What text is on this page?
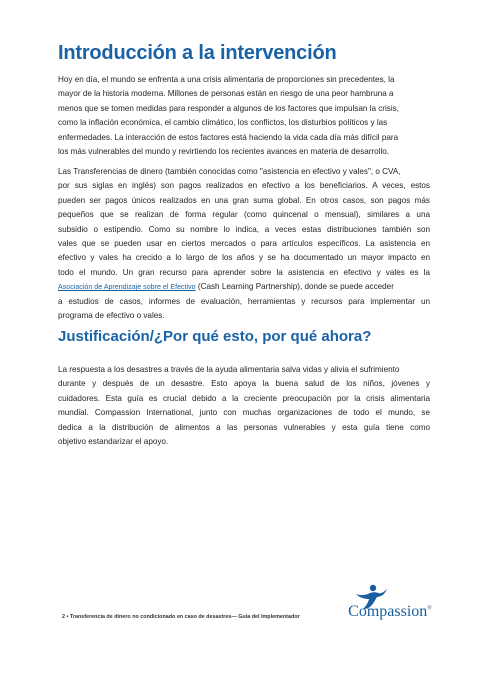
Introducción a la intervención

Hoy en día, el mundo se enfrenta a una crisis alimentaria de proporciones sin precedentes, la
mayor de la historia moderna. Millones de personas están en riesgo de una peor hambruna a
menos que se tomen medidas para responder a algunos de los factores que impulsan la crisis,
como la inflación económica, el cambio climático, los conflictos, los disturbios políticos y las
enfermedades. La interacción de estos factores está haciendo la vida cada día más difícil para
los más vulnerables del mundo y revirtiendo los recientes avances en materia de desarrollo.

Las Transferencias de dinero (también conocidas como "asistencia en efectivo y vales", o CVA,
por sus siglas en inglés) son pagos realizados en efectivo a los beneficiarios. A veces, estos
pueden ser pagos únicos realizados en una gran suma global. En otros casos, son pagos más
pequeños que se realizan de forma regular (como quincenal o mensual), similares a una
subsidio o estipendio. Como su nombre lo indica, a veces estas distribuciones también son
vales que se pueden usar en ciertos mercados o para artículos específicos. La asistencia en
efectivo y vales ha crecido a lo largo de los años y se ha documentado un mayor impacto en
todo el mundo. Un gran recurso para aprender sobre la asistencia en efectivo y vales es la
Asociación de Aprendizaje sobre el Efectivo (Cash Learning Partnership), donde se puede acceder
a estudios de casos, informes de evaluación, herramientas y recursos para implementar un
programa de efectivo o vales.

Justificación/¿Por qué esto, por qué ahora?

La respuesta a los desastres a través de la ayuda alimentaria salva vidas y alivia el sufrimiento
durante y después de un desastre. Esto apoya la buena salud de los niños, jóvenes y
cuidadores. Esta guía es crucial debido a la creciente preocupación por la crisis alimentaria
mundial. Compassion International, junto con muchas organizaciones de todo el mundo, se
dedica a la distribución de alimentos a las personas vulnerables y esta guía tiene como
objetivo estandarizar el apoyo.

2 • Transferencia de dinero no condicionado en caso de desastres— Guía del Implementador	Compassion®
